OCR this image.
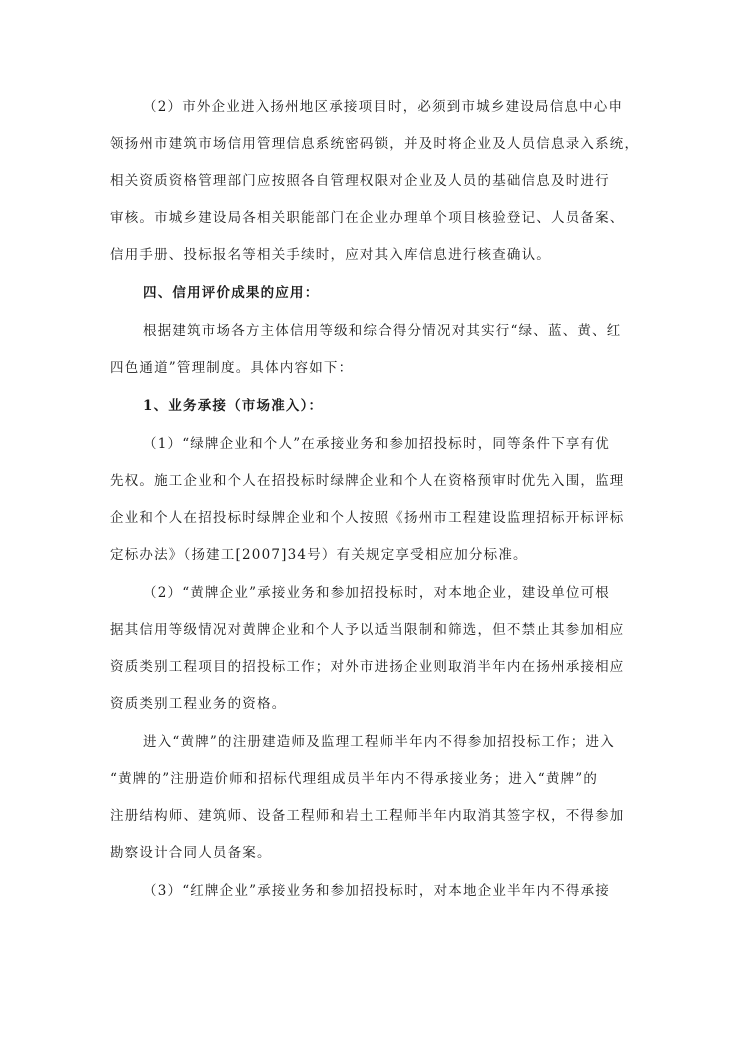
（2）市外企业进入扬州地区承接项目时，必须到市城乡建设局信息中心申
领扬州市建筑市场信用管理信息系统密码锁，并及时将企业及人员信息录入系统，
相关资质资格管理部门应按照各自管理权限对企业及人员的基础信息及时进行
审核。市城乡建设局各相关职能部门在企业办理单个项目核验登记、人员备案、
信用手册、投标报名等相关手续时，应对其入库信息进行核查确认。
四、信用评价成果的应用：
根据建筑市场各方主体信用等级和综合得分情况对其实行“绿、蓝、黄、红
四色通道”管理制度。具体内容如下：
1、业务承接（市场准入）：
（1）“绿牌企业和个人”在承接业务和参加招投标时，同等条件下享有优
先权。施工企业和个人在招投标时绿牌企业和个人在资格预审时优先入围，监理
企业和个人在招投标时绿牌企业和个人按照《扬州市工程建设监理招标开标评标
定标办法》（扬建工[2007]34号）有关规定享受相应加分标准。
（2）“黄牌企业”承接业务和参加招投标时，对本地企业，建设单位可根
据其信用等级情况对黄牌企业和个人予以适当限制和筛选，但不禁止其参加相应
资质类别工程项目的招投标工作；对外市进扬企业则取消半年内在扬州承接相应
资质类别工程业务的资格。
进入“黄牌”的注册建造师及监理工程师半年内不得参加招投标工作；进入
“黄牌的”注册造价师和招标代理组成员半年内不得承接业务；进入“黄牌”的
注册结构师、建筑师、设备工程师和岩土工程师半年内取消其签字权，不得参加
勘察设计合同人员备案。
（3）“红牌企业”承接业务和参加招投标时，对本地企业半年内不得承接
